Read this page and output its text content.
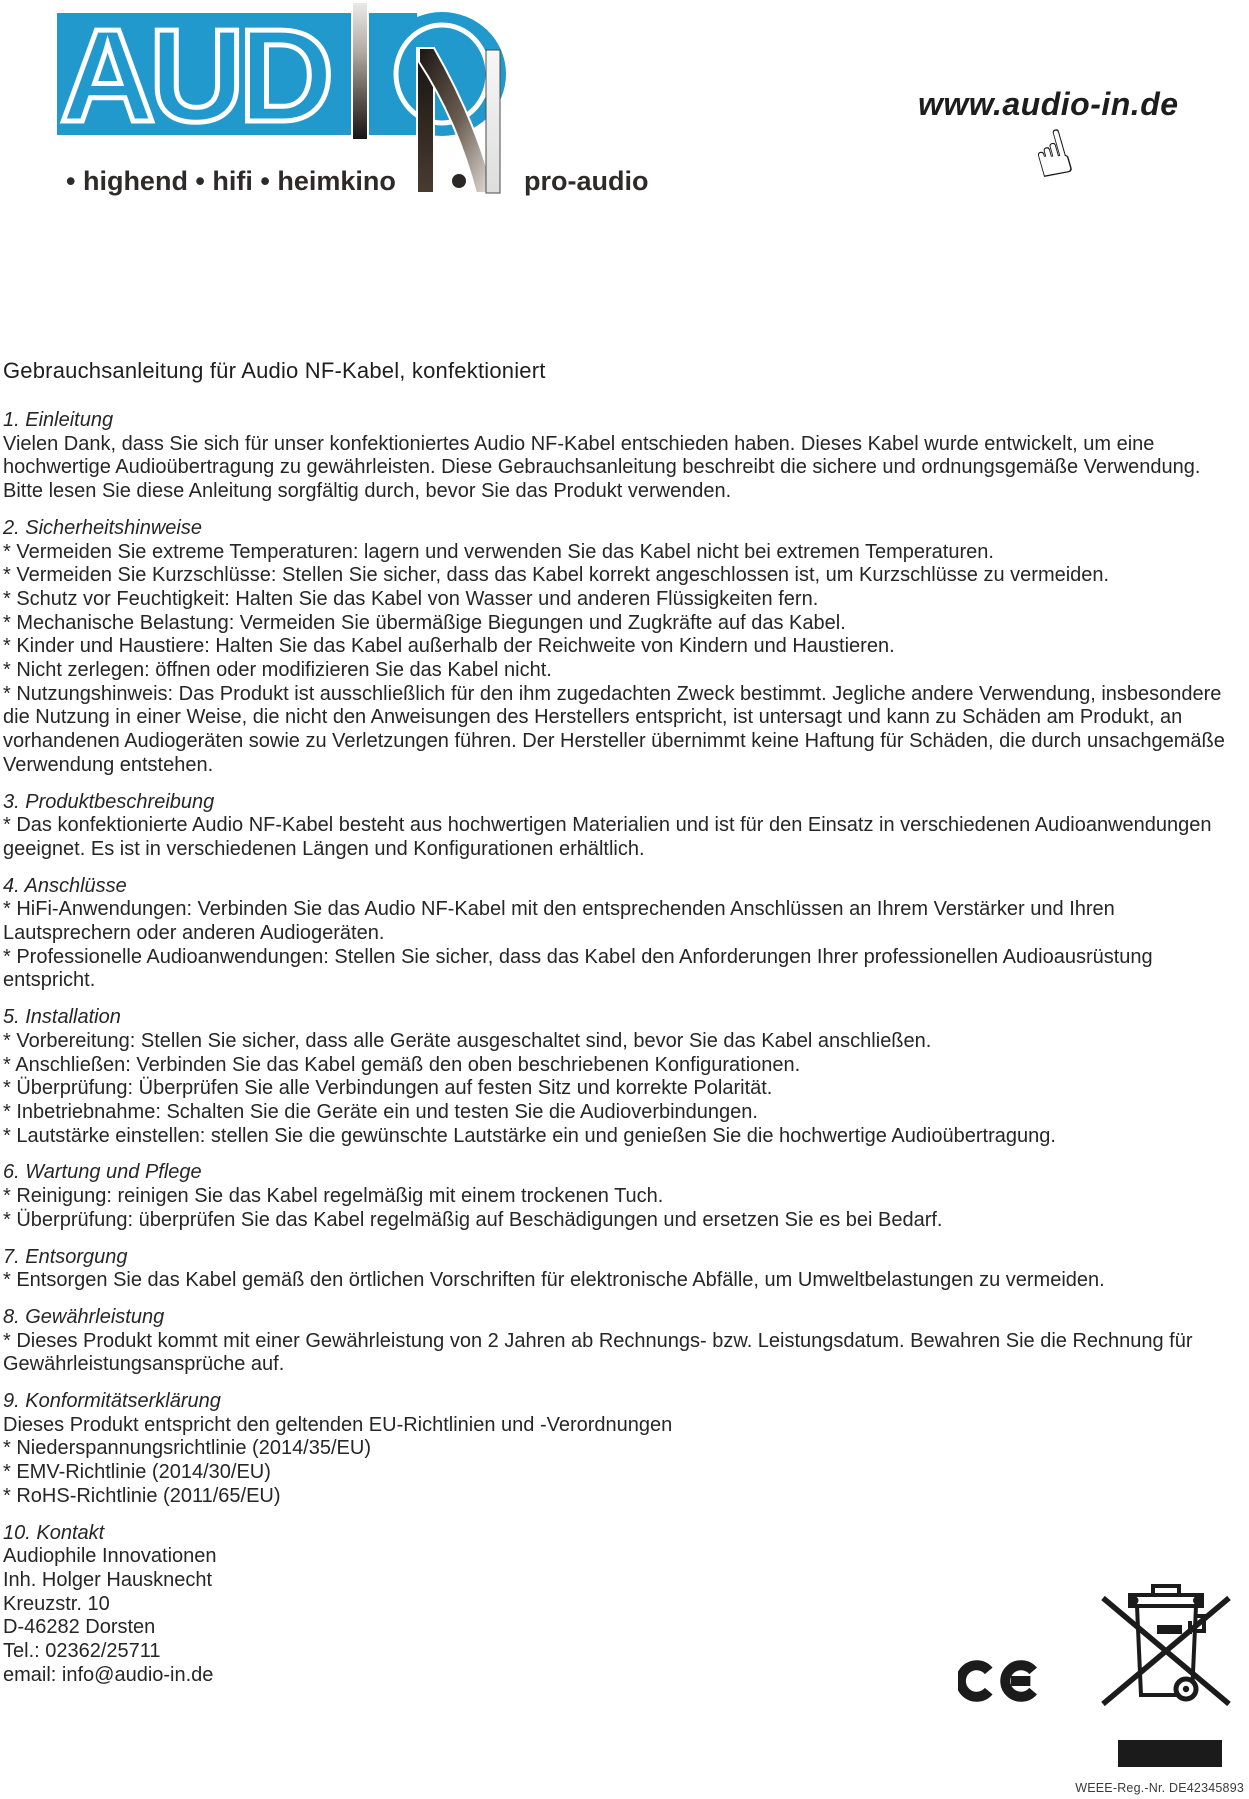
AUD
• highend • hifi • heimkino	pro-audio
www.audio-in.de
☝
Gebrauchsanleitung für Audio NF-Kabel, konfektioniert
1. Einleitung

Vielen Dank, dass Sie sich für unser konfektioniertes Audio NF-Kabel entschieden haben. Dieses Kabel wurde entwickelt, um eine hochwertige Audioübertragung zu gewährleisten. Diese Gebrauchsanleitung beschreibt die sichere und ordnungsgemäße Verwendung. Bitte lesen Sie diese Anleitung sorgfältig durch, bevor Sie das Produkt verwenden.

2. Sicherheitshinweise

* Vermeiden Sie extreme Temperaturen: lagern und verwenden Sie das Kabel nicht bei extremen Temperaturen.

* Vermeiden Sie Kurzschlüsse: Stellen Sie sicher, dass das Kabel korrekt angeschlossen ist, um Kurzschlüsse zu vermeiden.

* Schutz vor Feuchtigkeit: Halten Sie das Kabel von Wasser und anderen Flüssigkeiten fern.

* Mechanische Belastung: Vermeiden Sie übermäßige Biegungen und Zugkräfte auf das Kabel.

* Kinder und Haustiere: Halten Sie das Kabel außerhalb der Reichweite von Kindern und Haustieren.

* Nicht zerlegen: öffnen oder modifizieren Sie das Kabel nicht.

* Nutzungshinweis: Das Produkt ist ausschließlich für den ihm zugedachten Zweck bestimmt. Jegliche andere Verwendung, insbesondere die Nutzung in einer Weise, die nicht den Anweisungen des Herstellers entspricht, ist untersagt und kann zu Schäden am Produkt, an vorhandenen Audiogeräten sowie zu Verletzungen führen. Der Hersteller übernimmt keine Haftung für Schäden, die durch unsachgemäße Verwendung entstehen.

3. Produktbeschreibung

* Das konfektionierte Audio NF-Kabel besteht aus hochwertigen Materialien und ist für den Einsatz in verschiedenen Audioanwendungen geeignet. Es ist in verschiedenen Längen und Konfigurationen erhältlich.

4. Anschlüsse

* HiFi-Anwendungen: Verbinden Sie das Audio NF-Kabel mit den entsprechenden Anschlüssen an Ihrem Verstärker und Ihren Lautsprechern oder anderen Audiogeräten.

* Professionelle Audioanwendungen: Stellen Sie sicher, dass das Kabel den Anforderungen Ihrer professionellen Audioausrüstung entspricht.

5. Installation

* Vorbereitung: Stellen Sie sicher, dass alle Geräte ausgeschaltet sind, bevor Sie das Kabel anschließen.

* Anschließen: Verbinden Sie das Kabel gemäß den oben beschriebenen Konfigurationen.

* Überprüfung: Überprüfen Sie alle Verbindungen auf festen Sitz und korrekte Polarität.

* Inbetriebnahme: Schalten Sie die Geräte ein und testen Sie die Audioverbindungen.

* Lautstärke einstellen: stellen Sie die gewünschte Lautstärke ein und genießen Sie die hochwertige Audioübertragung.

6. Wartung und Pflege

* Reinigung: reinigen Sie das Kabel regelmäßig mit einem trockenen Tuch.

* Überprüfung: überprüfen Sie das Kabel regelmäßig auf Beschädigungen und ersetzen Sie es bei Bedarf.

7. Entsorgung

* Entsorgen Sie das Kabel gemäß den örtlichen Vorschriften für elektronische Abfälle, um Umweltbelastungen zu vermeiden.

8. Gewährleistung

* Dieses Produkt kommt mit einer Gewährleistung von 2 Jahren ab Rechnungs- bzw. Leistungsdatum. Bewahren Sie die Rechnung für Gewährleistungsansprüche auf.

9. Konformitätserklärung

Dieses Produkt entspricht den geltenden EU-Richtlinien und -Verordnungen

* Niederspannungsrichtlinie (2014/35/EU)

* EMV-Richtlinie (2014/30/EU)

* RoHS-Richtlinie (2011/65/EU)

10. Kontakt

Audiophile Innovationen

Inh. Holger Hausknecht

Kreuzstr. 10

D-46282 Dorsten

Tel.: 02362/25711

email: info@audio-in.de

WEEE-Reg.-Nr. DE42345893
